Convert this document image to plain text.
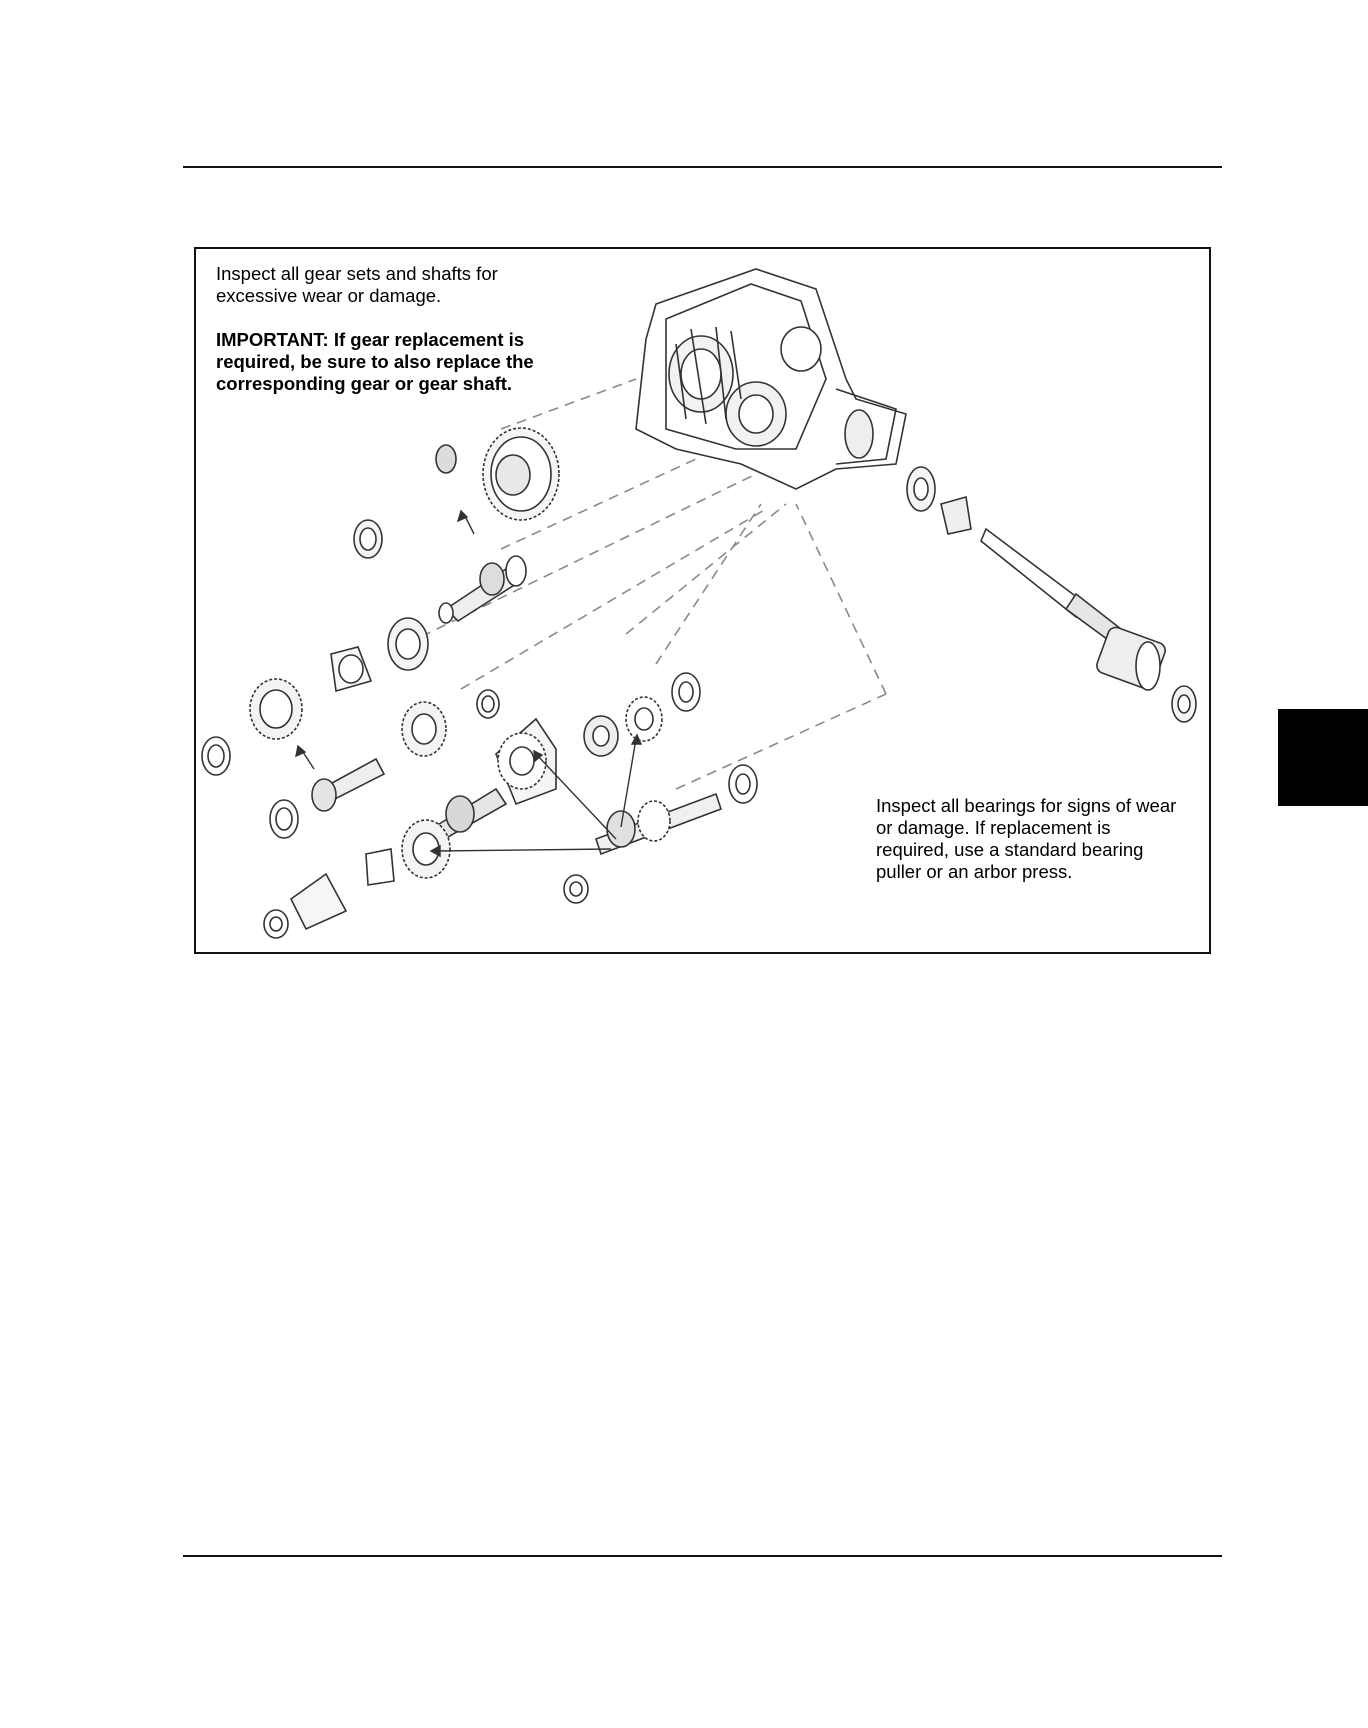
Inspect all gear sets and shafts for excessive wear or damage.

IMPORTANT: If gear replacement is required, be sure to also replace the corresponding gear or gear shaft.

Inspect all bearings for signs of wear or damage. If replacement is required, use a standard bearing puller or an arbor press.
